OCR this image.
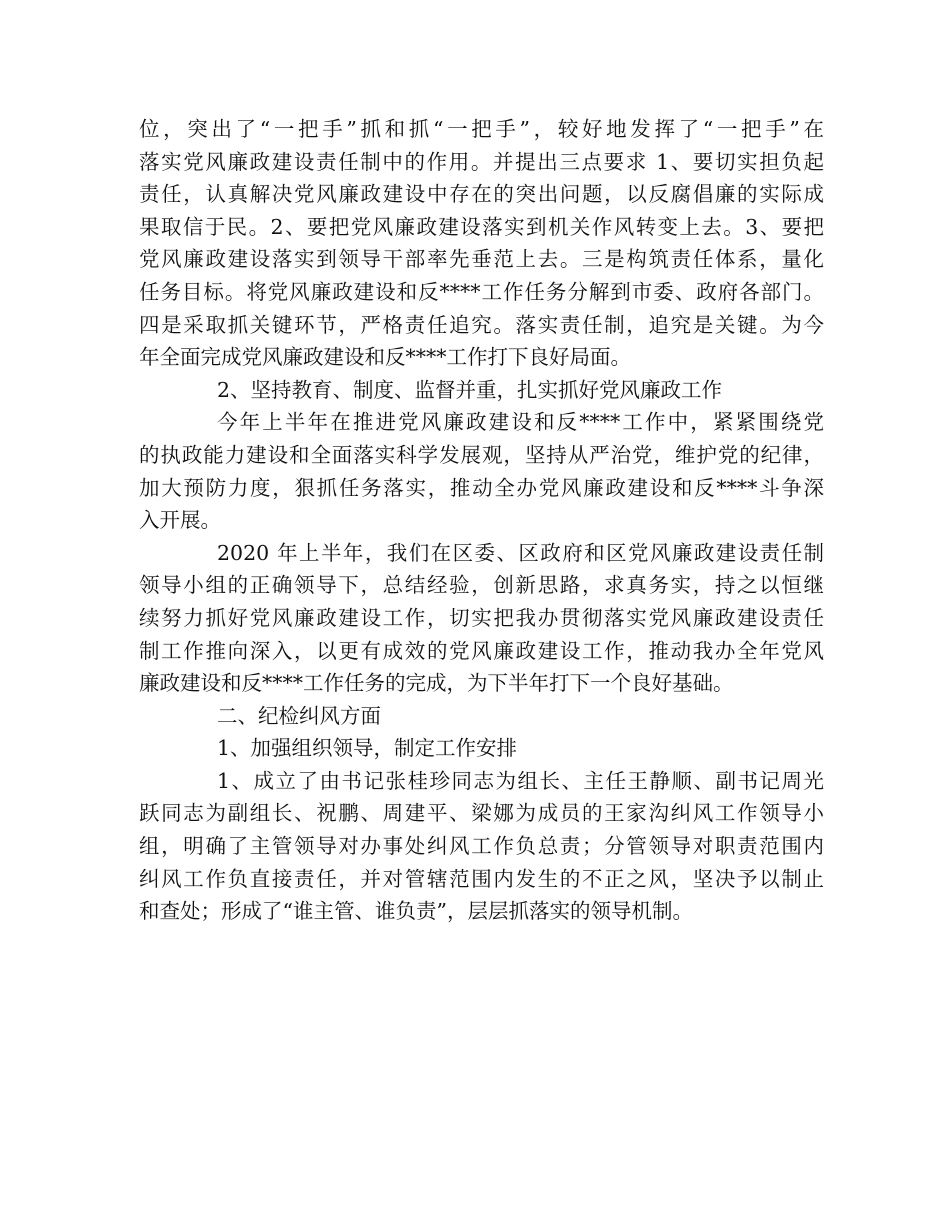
位，突出了“一把手”抓和抓“一把手”，较好地发挥了“一把手”在

落实党风廉政建设责任制中的作用。并提出三点要求 1、要切实担负起

责任，认真解决党风廉政建设中存在的突出问题，以反腐倡廉的实际成

果取信于民。2、要把党风廉政建设落实到机关作风转变上去。3、要把

党风廉政建设落实到领导干部率先垂范上去。三是构筑责任体系，量化

任务目标。将党风廉政建设和反****工作任务分解到市委、政府各部门。

四是采取抓关键环节，严格责任追究。落实责任制，追究是关键。为今

年全面完成党风廉政建设和反****工作打下良好局面。

2、坚持教育、制度、监督并重，扎实抓好党风廉政工作

今年上半年在推进党风廉政建设和反****工作中，紧紧围绕党

的执政能力建设和全面落实科学发展观，坚持从严治党，维护党的纪律，

加大预防力度，狠抓任务落实，推动全办党风廉政建设和反****斗争深

入开展。

2020 年上半年，我们在区委、区政府和区党风廉政建设责任制

领导小组的正确领导下，总结经验，创新思路，求真务实，持之以恒继

续努力抓好党风廉政建设工作，切实把我办贯彻落实党风廉政建设责任

制工作推向深入，以更有成效的党风廉政建设工作，推动我办全年党风

廉政建设和反****工作任务的完成，为下半年打下一个良好基础。

二、纪检纠风方面

1、加强组织领导，制定工作安排

1、成立了由书记张桂珍同志为组长、主任王静顺、副书记周光

跃同志为副组长、祝鹏、周建平、梁娜为成员的王家沟纠风工作领导小

组，明确了主管领导对办事处纠风工作负总责；分管领导对职责范围内

纠风工作负直接责任，并对管辖范围内发生的不正之风，坚决予以制止

和查处；形成了“谁主管、谁负责”，层层抓落实的领导机制。
